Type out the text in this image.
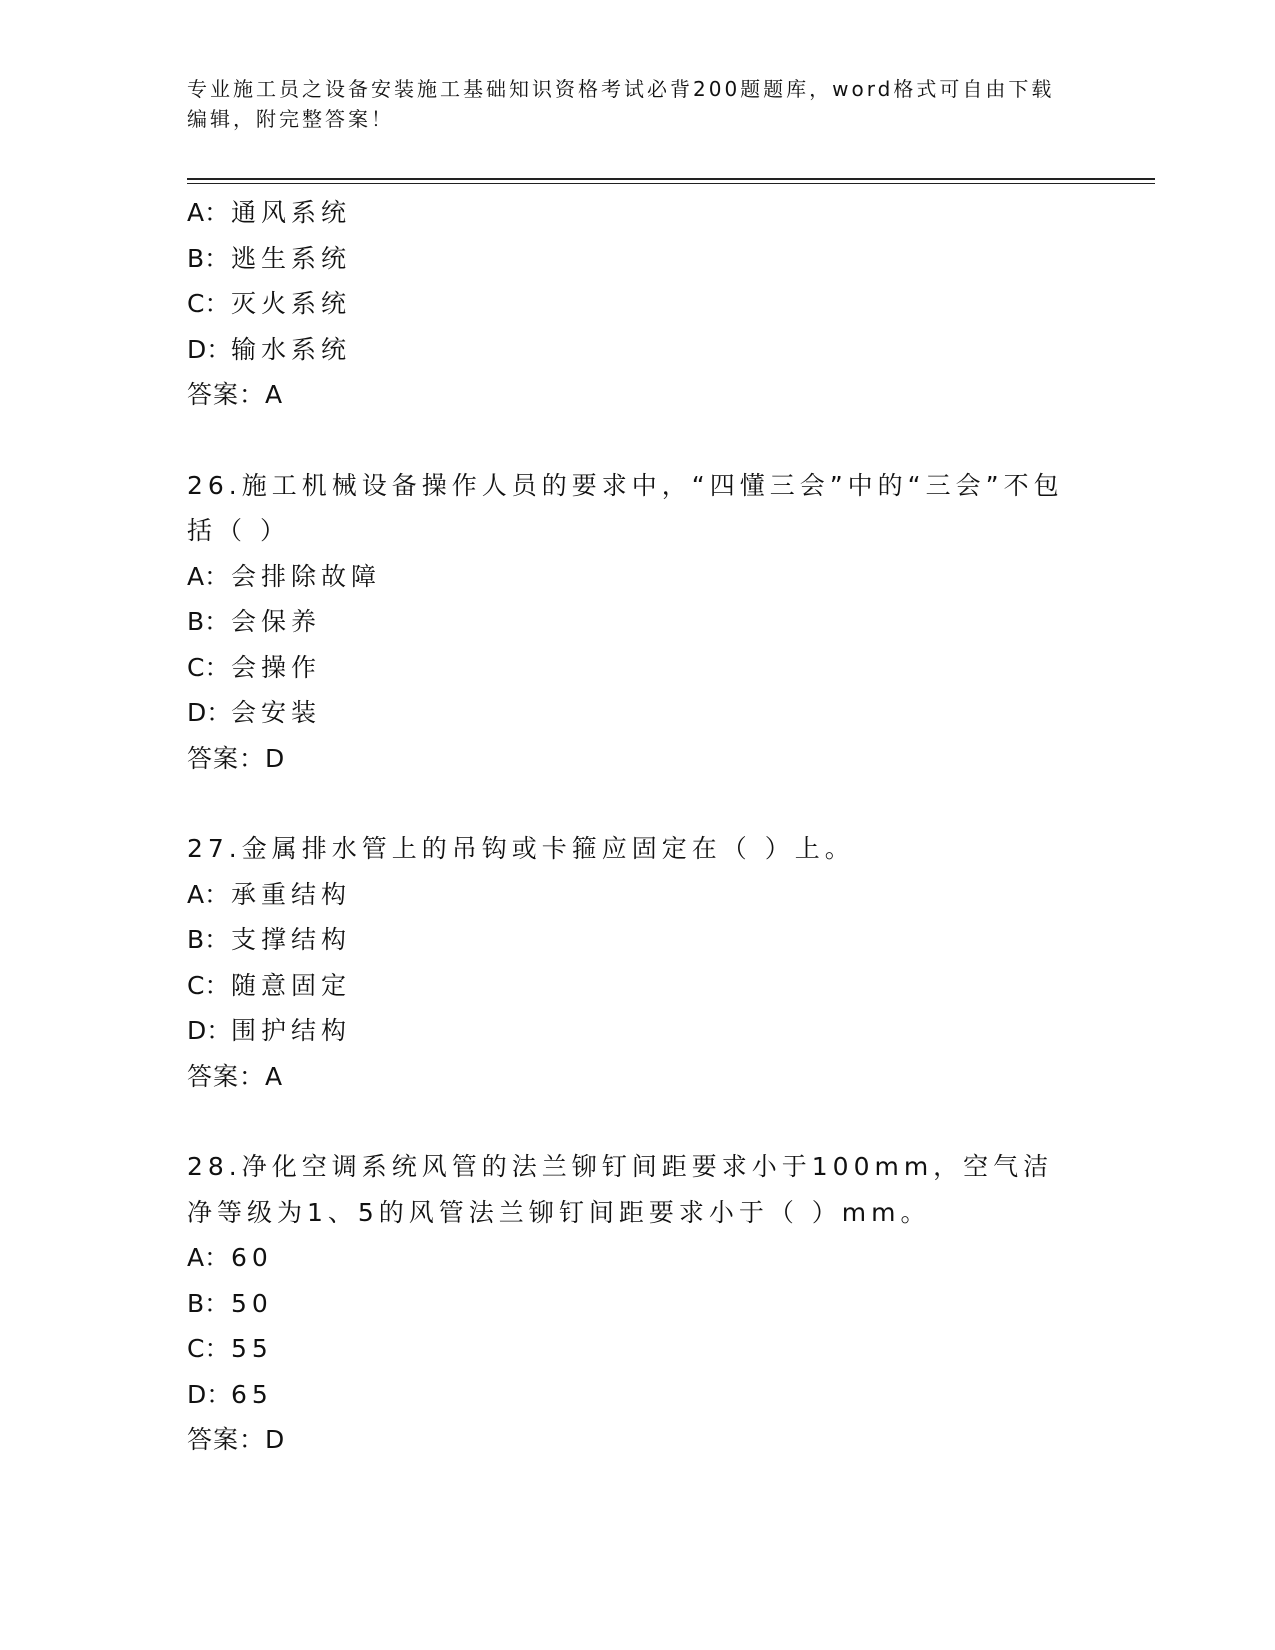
专业施工员之设备安装施工基础知识资格考试必背200题题库，word格式可自由下载编辑，附完整答案！
A：通风系统
B：逃生系统
C：灭火系统
D：输水系统
答案：A
26.施工机械设备操作人员的要求中，“四懂三会”中的“三会”不包括（ ）
A：会排除故障
B：会保养
C：会操作
D：会安装
答案：D
27.金属排水管上的吊钩或卡箍应固定在（ ）上。
A：承重结构
B：支撑结构
C：随意固定
D：围护结构
答案：A
28.净化空调系统风管的法兰铆钉间距要求小于100mm，空气洁净等级为1、5的风管法兰铆钉间距要求小于（ ）mm。
A：60
B：50
C：55
D：65
答案：D
